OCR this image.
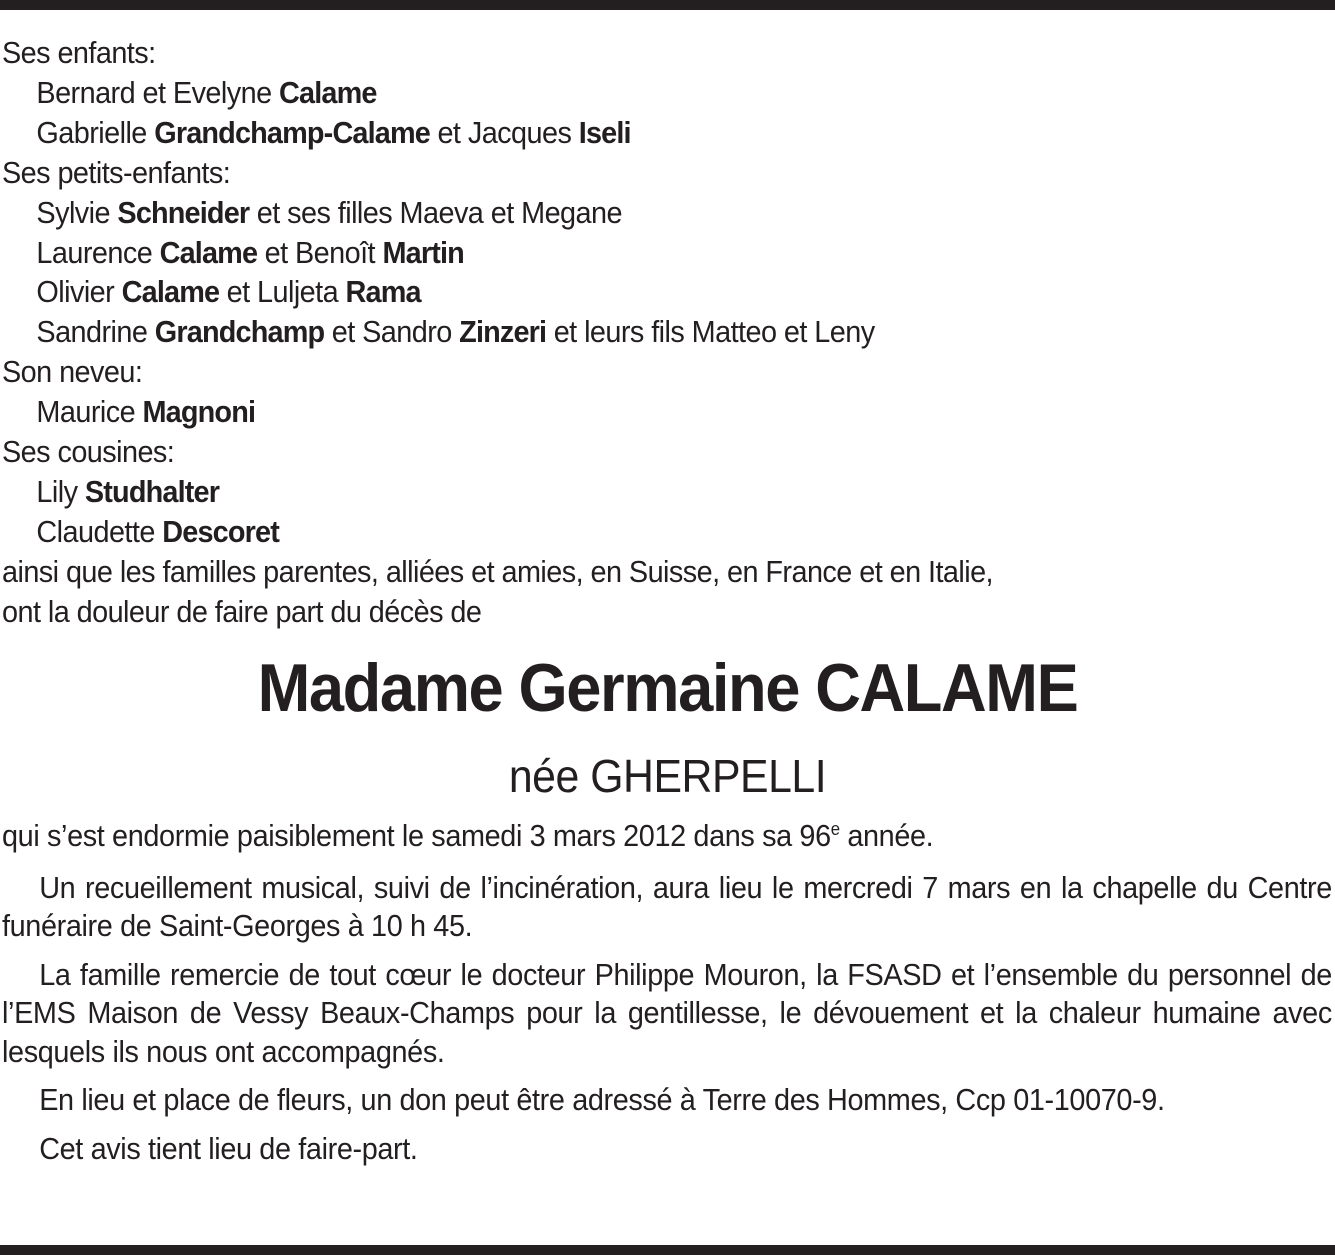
Ses enfants:
Bernard et Evelyne Calame
Gabrielle Grandchamp-Calame et Jacques Iseli
Ses petits-enfants:
Sylvie Schneider et ses filles Maeva et Megane
Laurence Calame et Benoît Martin
Olivier Calame et Luljeta Rama
Sandrine Grandchamp et Sandro Zinzeri et leurs fils Matteo et Leny
Son neveu:
Maurice Magnoni
Ses cousines:
Lily Studhalter
Claudette Descoret
ainsi que les familles parentes, alliées et amies, en Suisse, en France et en Italie,
ont la douleur de faire part du décès de
Madame Germaine CALAME
née GHERPELLI

qui s’est endormie paisiblement le samedi 3 mars 2012 dans sa 96e année.

Un recueillement musical, suivi de l’incinération, aura lieu le mercredi 7 mars en la chapelle du Centre funéraire de Saint-Georges à 10 h 45.

La famille remercie de tout cœur le docteur Philippe Mouron, la FSASD et l’ensemble du personnel de l’EMS Maison de Vessy Beaux-Champs pour la gentillesse, le dévouement et la chaleur humaine avec lesquels ils nous ont accompagnés.

En lieu et place de fleurs, un don peut être adressé à Terre des Hommes, Ccp 01-10070-9.

Cet avis tient lieu de faire-part.
